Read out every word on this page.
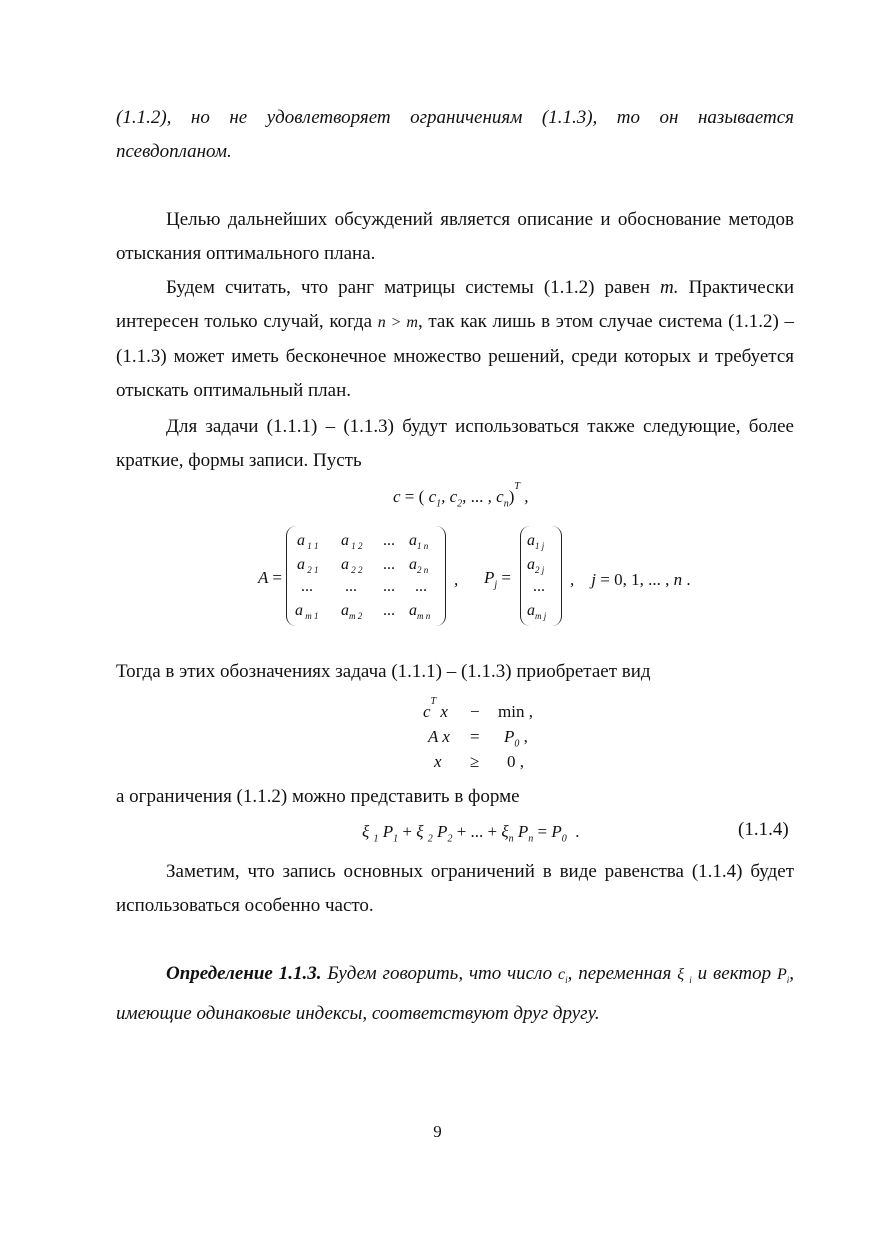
(1.1.2), но не удовлетворяет ограничениям (1.1.3), то он называется псевдопланом.
Целью дальнейших обсуждений является описание и обоснование методов отыскания оптимального плана.
Будем считать, что ранг матрицы системы (1.1.2) равен m. Практически интересен только случай, когда n > m, так как лишь в этом случае система (1.1.2) – (1.1.3) может иметь бесконечное множество решений, среди которых и требуется отыскать оптимальный план.
Для задачи (1.1.1) – (1.1.3) будут использоваться также следующие, более краткие, формы записи. Пусть
c = ( $c_1$, $c_2$, ... , $c_n)^T$ ,
A =
a $_{1 1}$ a $_{1 2}$ ... $a_{1 n}$
a $_{2 1}$ a $_{2 2}$ ... $a_{2 n}$
... ... ... ...
a $_{m 1}$ $a_{m 2}$ ... $a_{m n}$
, $P_j$ =
$a_{1 j}$
$a_{2 j}$
...
$a_{m j}$
,    j = 0, 1, ... , n .
Тогда в этих обозначениях задача (1.1.1) – (1.1.3) приобретает вид
$c^T$ x − min ,
A $x = P_0$ ,
x ≥ 0 ,
а ограничения (1.1.2) можно представить в форме
ξ $_1$ $P_1 + \xi$ $_2$ $P_2$ + ... + $\xi_n$ $P_n = P_0$ .	(1.1.4)
Заметим, что запись основных ограничений в виде равенства (1.1.4) будет использоваться особенно часто.
Определение 1.1.3. Будем говорить, что число $c_i$, переменная ξ $_i$ и вектор $P_i$, имеющие одинаковые индексы, соответствуют друг другу.
9
